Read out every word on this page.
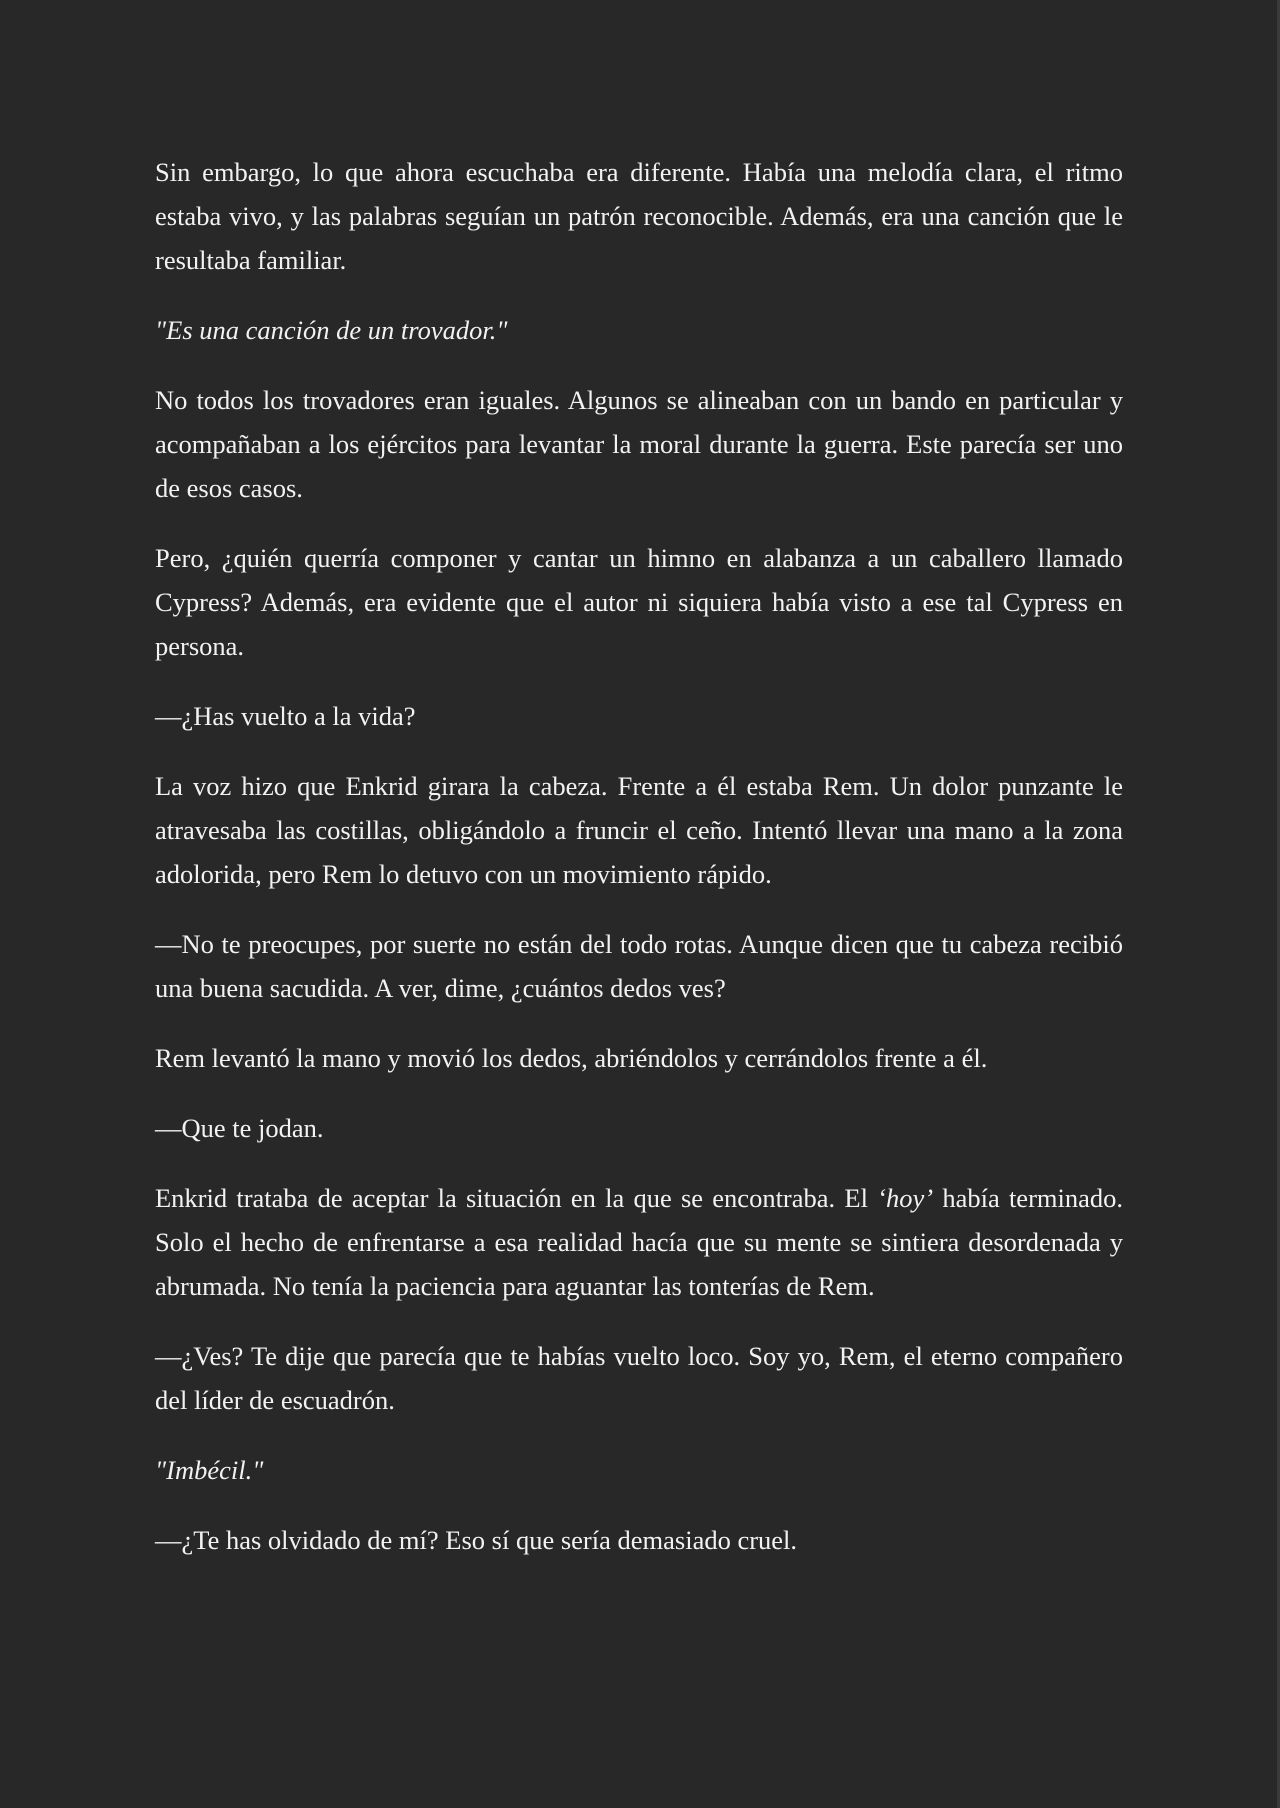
Sin embargo, lo que ahora escuchaba era diferente. Había una melodía clara, el ritmo estaba vivo, y las palabras seguían un patrón reconocible. Además, era una canción que le resultaba familiar.

"Es una canción de un trovador."

No todos los trovadores eran iguales. Algunos se alineaban con un bando en particular y acompañaban a los ejércitos para levantar la moral durante la guerra. Este parecía ser uno de esos casos.

Pero, ¿quién querría componer y cantar un himno en alabanza a un caballero llamado Cypress? Además, era evidente que el autor ni siquiera había visto a ese tal Cypress en persona.

—¿Has vuelto a la vida?

La voz hizo que Enkrid girara la cabeza. Frente a él estaba Rem. Un dolor punzante le atravesaba las costillas, obligándolo a fruncir el ceño. Intentó llevar una mano a la zona adolorida, pero Rem lo detuvo con un movimiento rápido.

—No te preocupes, por suerte no están del todo rotas. Aunque dicen que tu cabeza recibió una buena sacudida. A ver, dime, ¿cuántos dedos ves?

Rem levantó la mano y movió los dedos, abriéndolos y cerrándolos frente a él.

—Que te jodan.

Enkrid trataba de aceptar la situación en la que se encontraba. El ‘hoy’ había terminado. Solo el hecho de enfrentarse a esa realidad hacía que su mente se sintiera desordenada y abrumada. No tenía la paciencia para aguantar las tonterías de Rem.

—¿Ves? Te dije que parecía que te habías vuelto loco. Soy yo, Rem, el eterno compañero del líder de escuadrón.

"Imbécil."

—¿Te has olvidado de mí? Eso sí que sería demasiado cruel.
